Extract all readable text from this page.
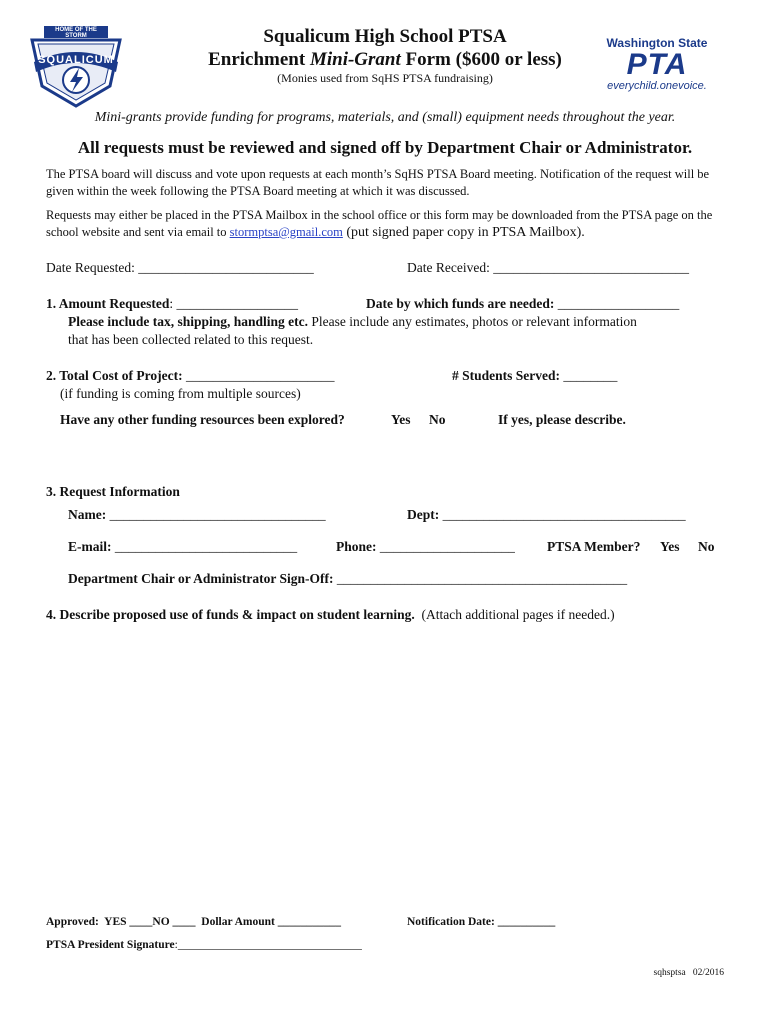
HOME OF THE STORM
SQUALICUM
Squalicum High School PTSA
Enrichment Mini-Grant Form ($600 or less)
(Monies used from SqHS PTSA fundraising)
Washington State
PTA
everychild.onevoice.
Mini-grants provide funding for programs, materials, and (small) equipment needs throughout the year.
All requests must be reviewed and signed off by Department Chair or Administrator.
The PTSA board will discuss and vote upon requests at each month’s SqHS PTSA Board meeting. Notification of the request will be given within the week following the PTSA Board meeting at which it was discussed.
Requests may either be placed in the PTSA Mailbox in the school office or this form may be downloaded from the PTSA page on the school website and sent via email to stormptsa@gmail.com (put signed paper copy in PTSA Mailbox).
Date Requested: __________________________	Date Received: _____________________________
1. Amount Requested: __________________	Date by which funds are needed: __________________
Please include tax, shipping, handling etc. Please include any estimates, photos or relevant information
that has been collected related to this request.
2. Total Cost of Project: ______________________	# Students Served: ________
(if funding is coming from multiple sources)
Have any other funding resources been explored?	Yes No	If yes, please describe.
3. Request Information
Name: ________________________________	Dept: ____________________________________
E-mail: ___________________________	Phone: ____________________ PTSA Member? Yes No
Department Chair or Administrator Sign-Off: ___________________________________________
4. Describe proposed use of funds & impact on student learning. (Attach additional pages if needed.)
Approved:  YES ____NO ____ Dollar Amount ___________	Notification Date: __________
PTSA President Signature:________________________________
sqhsptsa   02/2016
